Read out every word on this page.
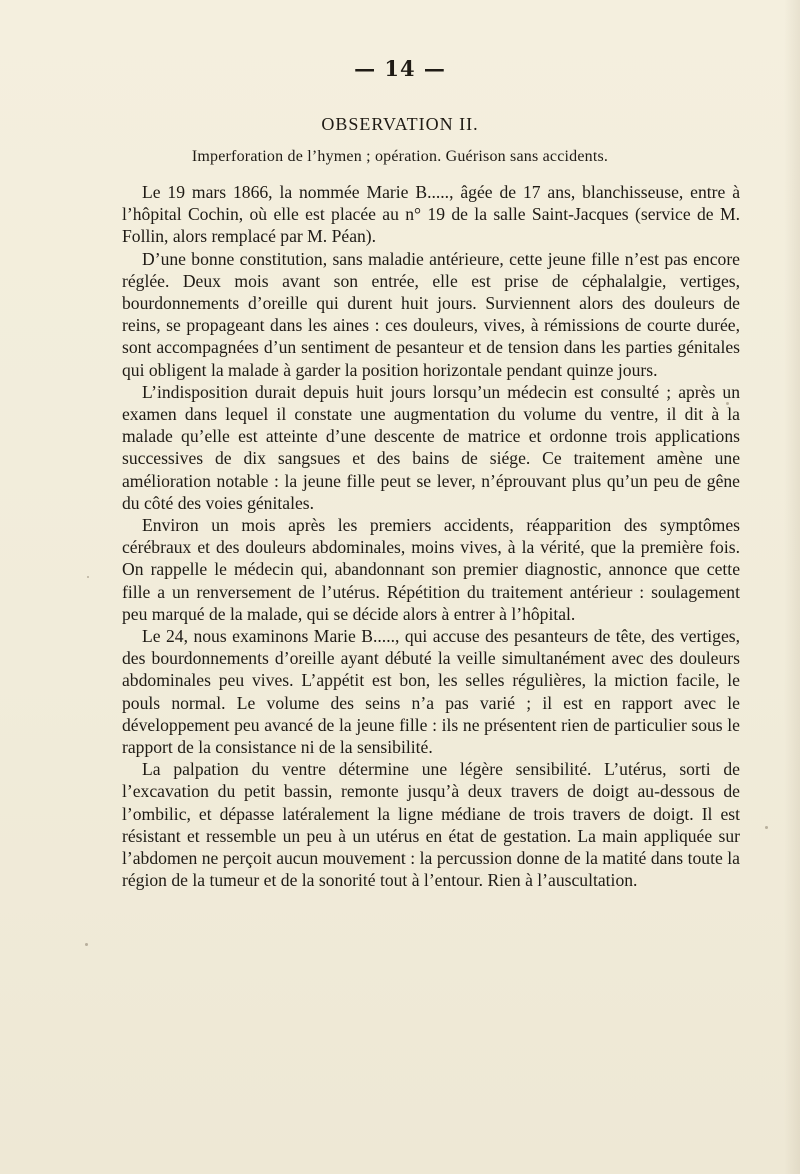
— 14 —
OBSERVATION II.
Imperforation de l’hymen ; opération. Guérison sans accidents.

Le 19 mars 1866, la nommée Marie B....., âgée de 17 ans, blanchisseuse, entre à l’hôpital Cochin, où elle est placée au n° 19 de la salle Saint-Jacques (service de M. Follin, alors remplacé par M. Péan).

D’une bonne constitution, sans maladie antérieure, cette jeune fille n’est pas encore réglée. Deux mois avant son entrée, elle est prise de céphalalgie, vertiges, bourdonnements d’oreille qui durent huit jours. Surviennent alors des douleurs de reins, se propageant dans les aines : ces douleurs, vives, à rémissions de courte durée, sont accompagnées d’un sentiment de pesanteur et de tension dans les parties génitales qui obligent la malade à garder la position horizontale pendant quinze jours.

L’indisposition durait depuis huit jours lorsqu’un médecin est consulté ; après un examen dans lequel il constate une augmentation du volume du ventre, il dit à la malade qu’elle est atteinte d’une descente de matrice et ordonne trois applications successives de dix sangsues et des bains de siége. Ce traitement amène une amélioration notable : la jeune fille peut se lever, n’éprouvant plus qu’un peu de gêne du côté des voies génitales.

Environ un mois après les premiers accidents, réapparition des symptômes cérébraux et des douleurs abdominales, moins vives, à la vérité, que la première fois. On rappelle le médecin qui, abandonnant son premier diagnostic, annonce que cette fille a un renversement de l’utérus. Répétition du traitement antérieur : soulagement peu marqué de la malade, qui se décide alors à entrer à l’hôpital.

Le 24, nous examinons Marie B....., qui accuse des pesanteurs de tête, des vertiges, des bourdonnements d’oreille ayant débuté la veille simultanément avec des douleurs abdominales peu vives. L’appétit est bon, les selles régulières, la miction facile, le pouls normal. Le volume des seins n’a pas varié ; il est en rapport avec le développement peu avancé de la jeune fille : ils ne présentent rien de particulier sous le rapport de la consistance ni de la sensibilité.

La palpation du ventre détermine une légère sensibilité. L’utérus, sorti de l’excavation du petit bassin, remonte jusqu’à deux travers de doigt au-dessous de l’ombilic, et dépasse latéralement la ligne médiane de trois travers de doigt. Il est résistant et ressemble un peu à un utérus en état de gestation. La main appliquée sur l’abdomen ne perçoit aucun mouvement : la percussion donne de la matité dans toute la région de la tumeur et de la sonorité tout à l’entour. Rien à l’auscultation.
